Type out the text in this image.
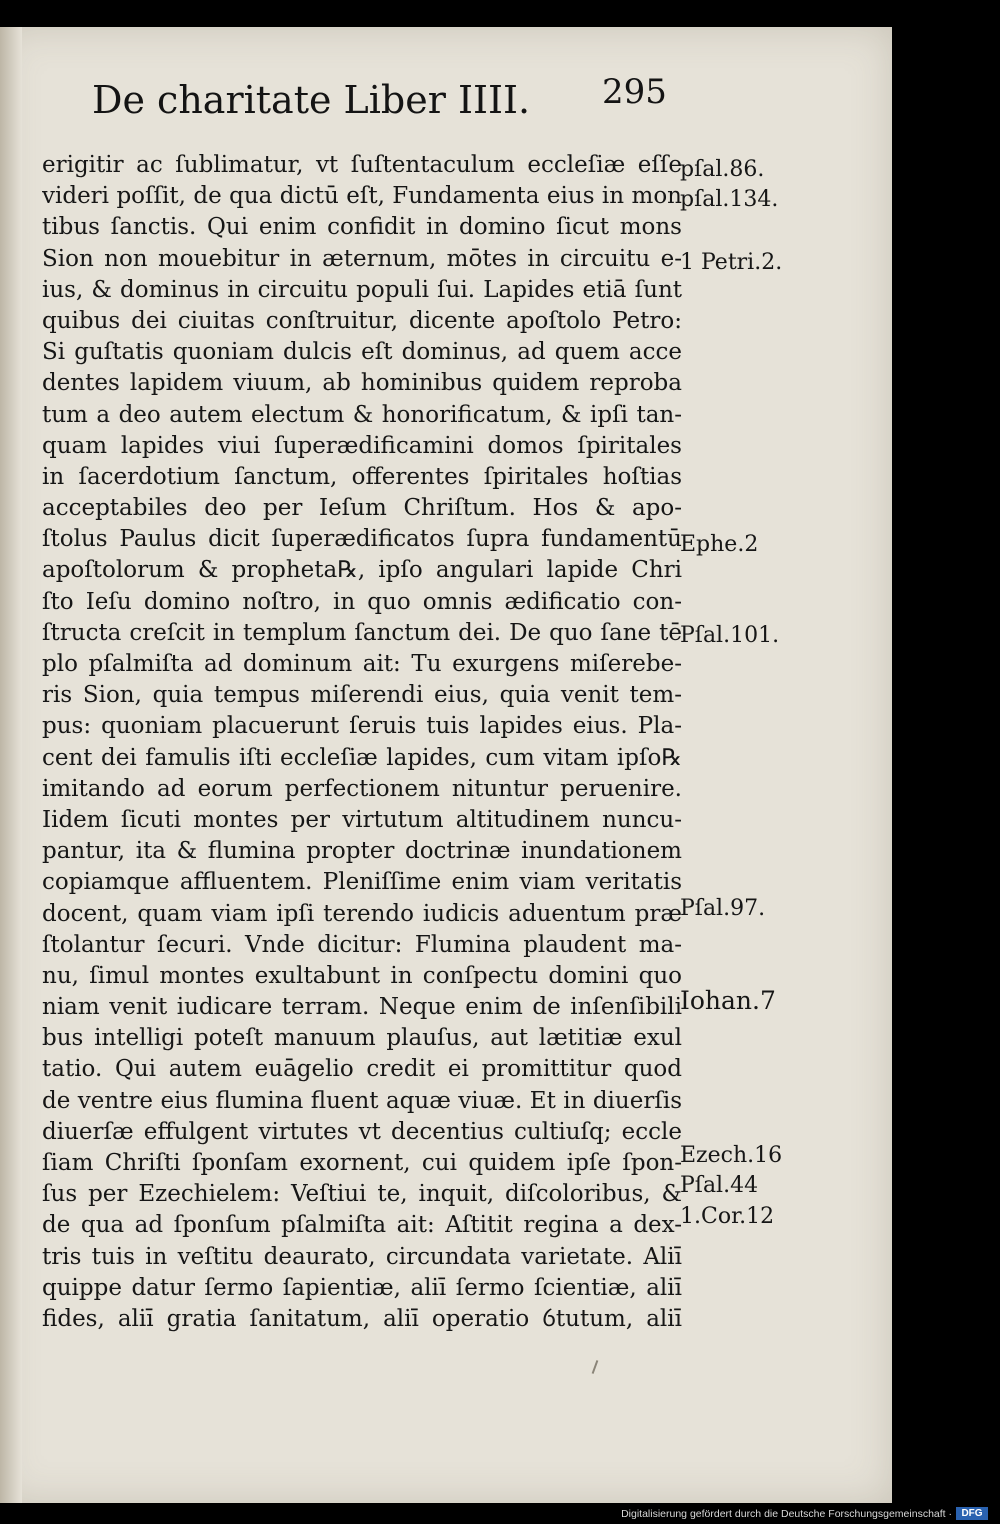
De charitate Liber IIII. 295
erigitir ac ſublimatur, vt ſuſtentaculum eccleſiæ eſſe
videri poſſit, de qua dictū eſt, Fundamenta eius in mon
tibus ſanctis. Qui enim confidit in domino ſicut mons
Sion non mouebitur in æternum, mōtes in circuitu e-
ius, & dominus in circuitu populi ſui. Lapides etiā ſunt
quibus dei ciuitas conſtruitur, dicente apoſtolo Petro:
Si guſtatis quoniam dulcis eſt dominus, ad quem acce
dentes lapidem viuum, ab hominibus quidem reproba
tum a deo autem electum & honorificatum, & ipſi tan-
quam lapides viui ſuperædificamini domos ſpiritales
in ſacerdotium ſanctum, offerentes ſpiritales hoſtias
acceptabiles deo per Ieſum Chriſtum. Hos & apo-
ſtolus Paulus dicit ſuperædificatos ſupra fundamentū
apoſtolorum & propheta℞, ipſo angulari lapide Chri
ſto Ieſu domino noſtro, in quo omnis ædificatio con-
ſtructa creſcit in templum ſanctum dei. De quo ſane tē
plo pſalmiſta ad dominum ait: Tu exurgens miſerebe-
ris Sion, quia tempus miſerendi eius, quia venit tem-
pus: quoniam placuerunt ſeruis tuis lapides eius. Pla-
cent dei famulis iſti eccleſiæ lapides, cum vitam ipſo℞
imitando ad eorum perfectionem nituntur peruenire.
Iidem ſicuti montes per virtutum altitudinem nuncu-
pantur, ita & flumina propter doctrinæ inundationem
copiamque affluentem. Pleniſſime enim viam veritatis
docent, quam viam ipſi terendo iudicis aduentum præ
ſtolantur ſecuri. Vnde dicitur: Flumina plaudent ma-
nu, ſimul montes exultabunt in conſpectu domini quo
niam venit iudicare terram. Neque enim de inſenſibili
bus intelligi poteſt manuum plauſus, aut lætitiæ exul
tatio. Qui autem euāgelio credit ei promittitur quod
de ventre eius flumina fluent aquæ viuæ. Et in diuerſis
diuerſæ effulgent virtutes vt decentius cultiuſq; eccle
ſiam Chriſti ſponſam exornent, cui quidem ipſe ſpon-
ſus per Ezechielem: Veſtiui te, inquit, diſcoloribus, &
de qua ad ſponſum pſalmiſta ait: Aſtitit regina a dex-
tris tuis in veſtitu deaurato, circundata varietate. Aliī
quippe datur ſermo ſapientiæ, aliī ſermo ſcientiæ, aliī
fides, aliī gratia ſanitatum, aliī operatio ỽtutum, aliī
pſal.86.
pſal.134.
1 Petri.2.
Ephe.2
Pſal.101.
Pſal.97.
Iohan.7
Ezech.16
Pſal.44
1.Cor.12
Digitalisierung gefördert durch die Deutsche Forschungsgemeinschaft · DFG
